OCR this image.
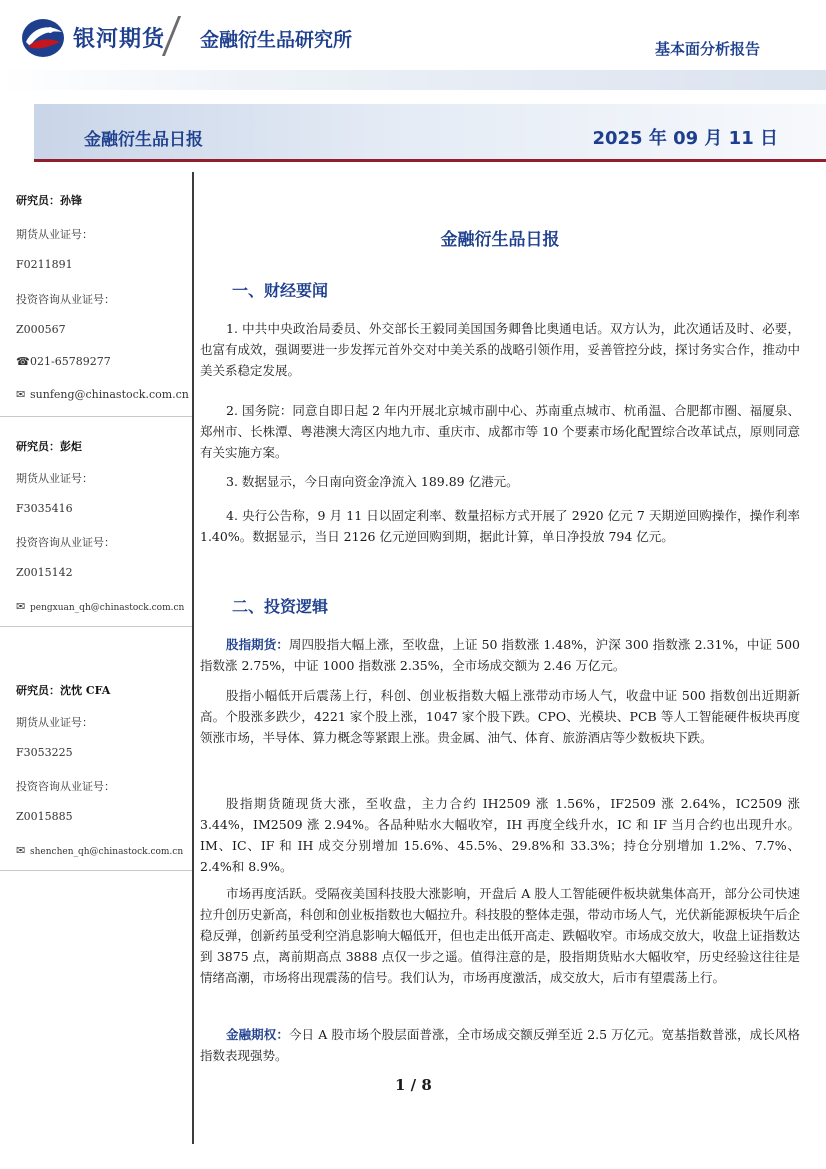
银河期货 金融衍生品研究所	基本面分析报告
金融衍生品日报	2025 年 09 月 11 日
研究员：孙锋
期货从业证号：
F0211891
投资咨询从业证号：
Z000567
☎021-65789277
✉ sunfeng@chinastock.com.cn
研究员：彭炬
期货从业证号：
F3035416
投资咨询从业证号：
Z0015142
✉ pengxuan_qh@chinastock.com.cn
研究员：沈忱 CFA
期货从业证号：
F3053225
投资咨询从业证号：
Z0015885
✉ shenchen_qh@chinastock.com.cn
金融衍生品日报
一、财经要闻
1. 中共中央政治局委员、外交部长王毅同美国国务卿鲁比奥通电话。双方认为，此次通话及时、必要，也富有成效，强调要进一步发挥元首外交对中美关系的战略引领作用，妥善管控分歧，探讨务实合作，推动中美关系稳定发展。
2. 国务院：同意自即日起 2 年内开展北京城市副中心、苏南重点城市、杭甬温、合肥都市圈、福厦泉、郑州市、长株潭、粤港澳大湾区内地九市、重庆市、成都市等 10 个要素市场化配置综合改革试点，原则同意有关实施方案。
3. 数据显示，今日南向资金净流入 189.89 亿港元。
4. 央行公告称，9 月 11 日以固定利率、数量招标方式开展了 2920 亿元 7 天期逆回购操作，操作利率 1.40%。数据显示，当日 2126 亿元逆回购到期，据此计算，单日净投放 794 亿元。
二、投资逻辑
股指期货：周四股指大幅上涨，至收盘，上证 50 指数涨 1.48%，沪深 300 指数涨 2.31%，中证 500 指数涨 2.75%，中证 1000 指数涨 2.35%，全市场成交额为 2.46 万亿元。
股指小幅低开后震荡上行，科创、创业板指数大幅上涨带动市场人气，收盘中证 500 指数创出近期新高。个股涨多跌少，4221 家个股上涨，1047 家个股下跌。CPO、光模块、PCB 等人工智能硬件板块再度领涨市场，半导体、算力概念等紧跟上涨。贵金属、油气、体育、旅游酒店等少数板块下跌。
股指期货随现货大涨，至收盘，主力合约 IH2509 涨 1.56%，IF2509 涨 2.64%，IC2509 涨 3.44%，IM2509 涨 2.94%。各品种贴水大幅收窄，IH 再度全线升水，IC 和 IF 当月合约也出现升水。IM、IC、IF 和 IH 成交分别增加 15.6%、45.5%、29.8%和 33.3%；持仓分别增加 1.2%、7.7%、2.4%和 8.9%。
市场再度活跃。受隔夜美国科技股大涨影响，开盘后 A 股人工智能硬件板块就集体高开，部分公司快速拉升创历史新高，科创和创业板指数也大幅拉升。科技股的整体走强，带动市场人气，光伏新能源板块午后企稳反弹，创新药虽受利空消息影响大幅低开，但也走出低开高走、跌幅收窄。市场成交放大，收盘上证指数达到 3875 点，离前期高点 3888 点仅一步之遥。值得注意的是，股指期货贴水大幅收窄，历史经验这往往是情绪高潮，市场将出现震荡的信号。我们认为，市场再度激活，成交放大，后市有望震荡上行。
金融期权：今日 A 股市场个股层面普涨，全市场成交额反弹至近 2.5 万亿元。宽基指数普涨，成长风格指数表现强势。
1 / 8
